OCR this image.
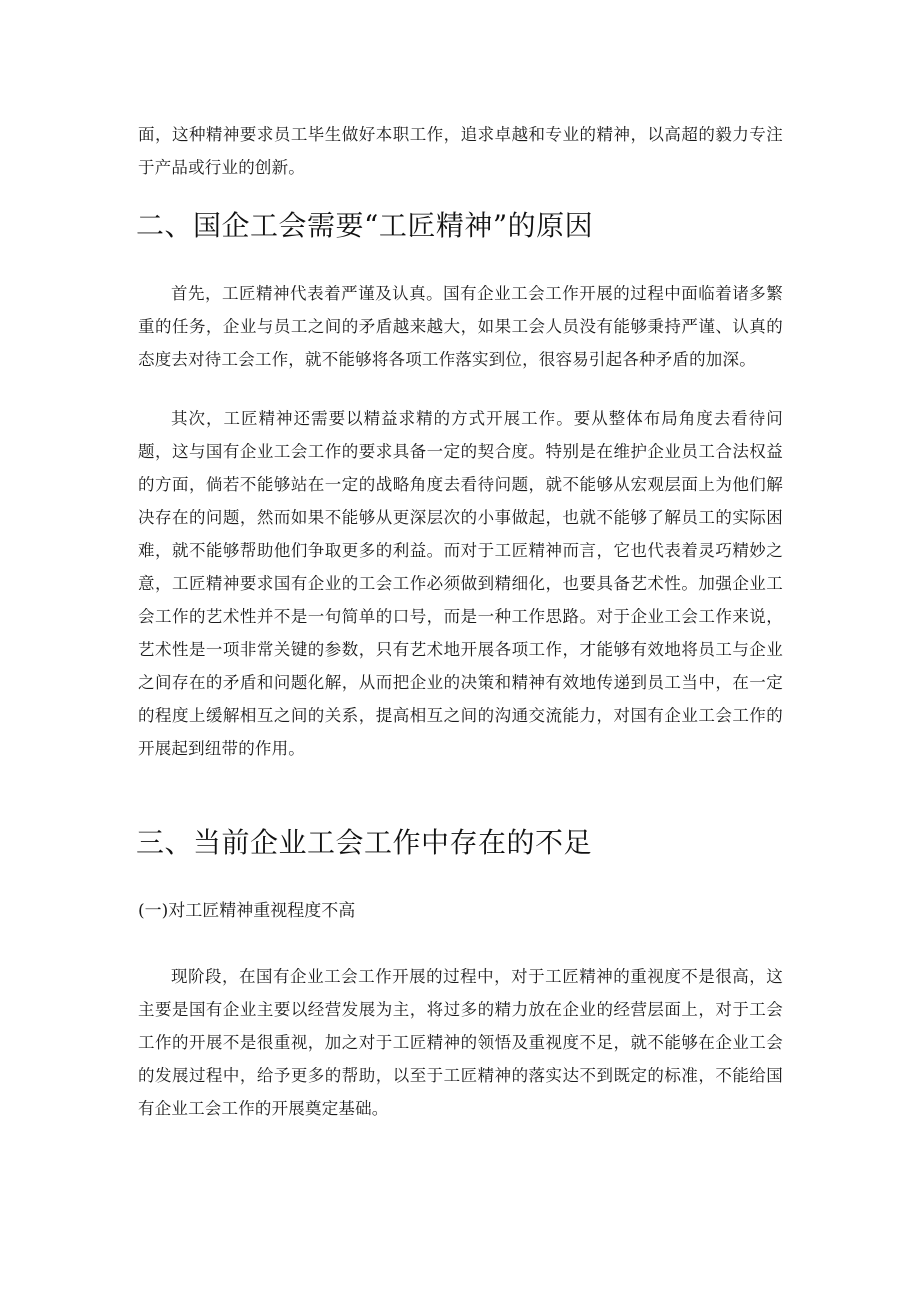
面，这种精神要求员工毕生做好本职工作，追求卓越和专业的精神，以高超的毅力专注于产品或行业的创新。

二、国企工会需要“工匠精神”的原因

首先，工匠精神代表着严谨及认真。国有企业工会工作开展的过程中面临着诸多繁重的任务，企业与员工之间的矛盾越来越大，如果工会人员没有能够秉持严谨、认真的态度去对待工会工作，就不能够将各项工作落实到位，很容易引起各种矛盾的加深。

其次，工匠精神还需要以精益求精的方式开展工作。要从整体布局角度去看待问题，这与国有企业工会工作的要求具备一定的契合度。特别是在维护企业员工合法权益的方面，倘若不能够站在一定的战略角度去看待问题，就不能够从宏观层面上为他们解决存在的问题，然而如果不能够从更深层次的小事做起，也就不能够了解员工的实际困难，就不能够帮助他们争取更多的利益。而对于工匠精神而言，它也代表着灵巧精妙之意，工匠精神要求国有企业的工会工作必须做到精细化，也要具备艺术性。加强企业工会工作的艺术性并不是一句简单的口号，而是一种工作思路。对于企业工会工作来说，艺术性是一项非常关键的参数，只有艺术地开展各项工作，才能够有效地将员工与企业之间存在的矛盾和问题化解，从而把企业的决策和精神有效地传递到员工当中，在一定的程度上缓解相互之间的关系，提高相互之间的沟通交流能力，对国有企业工会工作的开展起到纽带的作用。

三、当前企业工会工作中存在的不足
(一)对工匠精神重视程度不高

现阶段，在国有企业工会工作开展的过程中，对于工匠精神的重视度不是很高，这主要是国有企业主要以经营发展为主，将过多的精力放在企业的经营层面上，对于工会工作的开展不是很重视，加之对于工匠精神的领悟及重视度不足，就不能够在企业工会的发展过程中，给予更多的帮助，以至于工匠精神的落实达不到既定的标准，不能给国有企业工会工作的开展奠定基础。
